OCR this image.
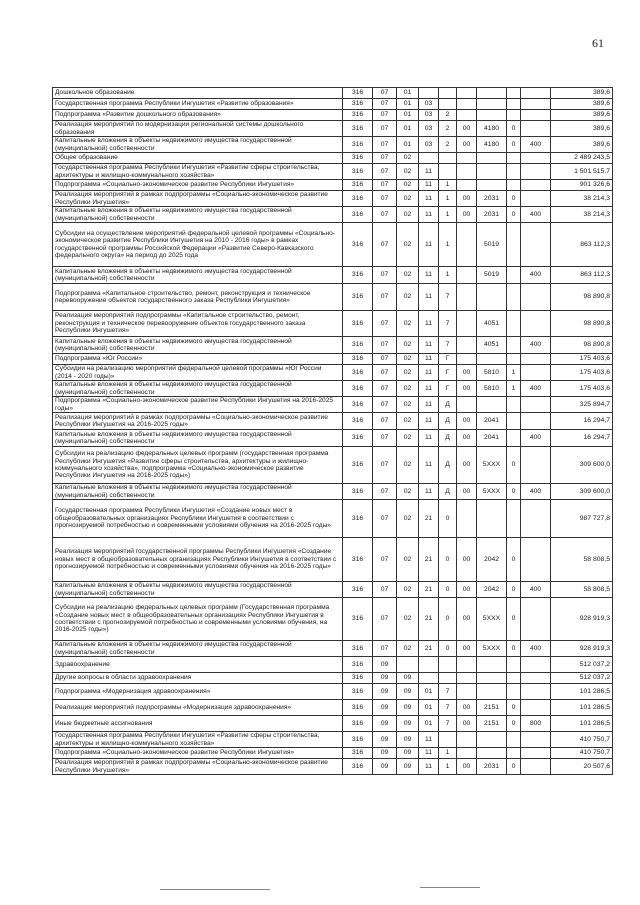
61
Дошкольное образование	316	07	01							389,6
Государственная программа Республики Ингушетия «Развитие образования»	316	07	01	03						389,6
Подпрограмма «Развитие дошкольного образования»	316	07	01	03	2					389,6
Реализация мероприятий по модернизации региональной системы дошкольного образования	316	07	01	03	2	00	4180	0		389,6
Капитальные вложения в объекты недвижимого имущества государственной (муниципальной) собственности	316	07	01	03	2	00	4180	0	400	389,6
Общее образование	316	07	02							2 489 243,5
Государственная программа Республики Ингушетия «Развитие сферы строительства, архитектуры и жилищно-коммунального хозяйства»	316	07	02	11						1 501 515,7
Подпрограмма «Социально-экономическое развитие Республики Ингушетия»	316	07	02	11	1					901 326,6
Реализация мероприятий в рамках подпрограммы «Социально-экономическое развитие Республики Ингушетия»	316	07	02	11	1	00	2031	0		38 214,3
Капитальные вложения в объекты недвижимого имущества государственной (муниципальной) собственности	316	07	02	11	1	00	2031	0	400	38 214,3
Субсидии на осуществление мероприятий федеральной целевой программы «Социально-экономическое развитие Республики Ингушетия на 2010 - 2016 годы» в рамках государственной программы Российской Федерации «Развитие Северо-Кавказского федерального округа» на период до 2025 года	316	07	02	11	1		5019			863 112,3
Капитальные вложения в объекты недвижимого имущества государственной (муниципальной) собственности	316	07	02	11	1		5019		400	863 112,3
Подпрограмма «Капитальное строительство, ремонт, реконструкция и техническое перевооружение объектов государственного заказа Республики Ингушетия»	316	07	02	11	7					98 890,8
Реализация мероприятий подпрограммы «Капитальное строительство, ремонт, реконструкция и техническое перевооружение объектов государственного заказа Республики Ингушетия»	316	07	02	11	7		4051			98 890,8
Капитальные вложения в объекты недвижимого имущества государственной (муниципальной) собственности	316	07	02	11	7		4051		400	98 890,8
Подпрограмма «Юг России»	316	07	02	11	Г					175 403,6
Субсидии на реализацию мероприятий федеральной целевой программы «Юг России (2014 - 2020 годы)»	316	07	02	11	Г	00	5810	1		175 403,6
Капитальные вложения в объекты недвижимого имущества государственной (муниципальной) собственности	316	07	02	11	Г	00	5810	1	400	175 403,6
Подпрограмма «Социально-экономическое развитие Республики Ингушетия на 2016-2025 годы»	316	07	02	11	Д					325 894,7
Реализация мероприятий в рамках подпрограммы «Социально-экономическое развитие Республики Ингушетия на 2016-2025 годы»	316	07	02	11	Д	00	2041			16 294,7
Капитальные вложения в объекты недвижимого имущества государственной (муниципальной) собственности	316	07	02	11	Д	00	2041		400	16 294,7
Субсидии на реализацию федеральных целевых программ (государственная программа Республики Ингушетия «Развитие сферы строительства, архитектуры и жилищно-коммунального хозяйства», подпрограмма «Социально-экономическое развитие Республики Ингушетия на 2016-2025 годы»)	316	07	02	11	Д	00	5XXX	0		309 600,0
Капитальные вложения в объекты недвижимого имущества государственной (муниципальной) собственности	316	07	02	11	Д	00	5XXX	0	400	309 600,0
Государственная программа Республики Ингушетия «Создание новых мест в общеобразовательных организациях Республики Ингушетия в соответствии с прогнозируемой потребностью и современными условиями обучения на 2016-2025 годы»	316	07	02	21	0					987 727,8
Реализация мероприятий государственной программы Республики Ингушетия «Создание новых мест в общеобразовательных организациях Республики Ингушетия в соответствии с прогнозируемой потребностью и современными условиями обучения на 2016-2025 годы»	316	07	02	21	0	00	2042	0		58 808,5
Капитальные вложения в объекты недвижимого имущества государственной (муниципальной) собственности	316	07	02	21	0	00	2042	0	400	58 808,5
Субсидии на реализацию федеральных целевых программ (Государственная программа «Создание новых мест в общеобразовательных организациях Республики Ингушетия в соответствии с прогнозируемой потребностью и современными условиями обучения, на 2016-2025 годы»)	316	07	02	21	0	00	5XXX	0		928 919,3
Капитальные вложения в объекты недвижимого имущества государственной (муниципальной) собственности	316	07	02	21	0	00	5XXX	0	400	928 919,3
Здравоохранение	316	09								512 037,2
Другие вопросы в области здравоохранения	316	09	09							512 037,2
Подпрограмма «Модернизация здравоохранения»	316	09	09	01	7					101 286,5
Реализация мероприятий подпрограммы «Модернизация здравоохранения»	316	09	09	01	7	00	2151	0		101 286,5
Иные бюджетные ассигнования	316	09	09	01	7	00	2151	0	800	101 286,5
Государственная программа Республики Ингушетия «Развитие сферы строительства, архитектуры и жилищно-коммунального хозяйства»	316	09	09	11						410 750,7
Подпрограмма «Социально-экономическое развитие Республики Ингушетия»	316	09	09	11	1					410 750,7
Реализация мероприятий в рамках подпрограммы «Социально-экономическое развитие Республики Ингушетия»	316	09	09	11	1	00	2031	0		20 507,6
